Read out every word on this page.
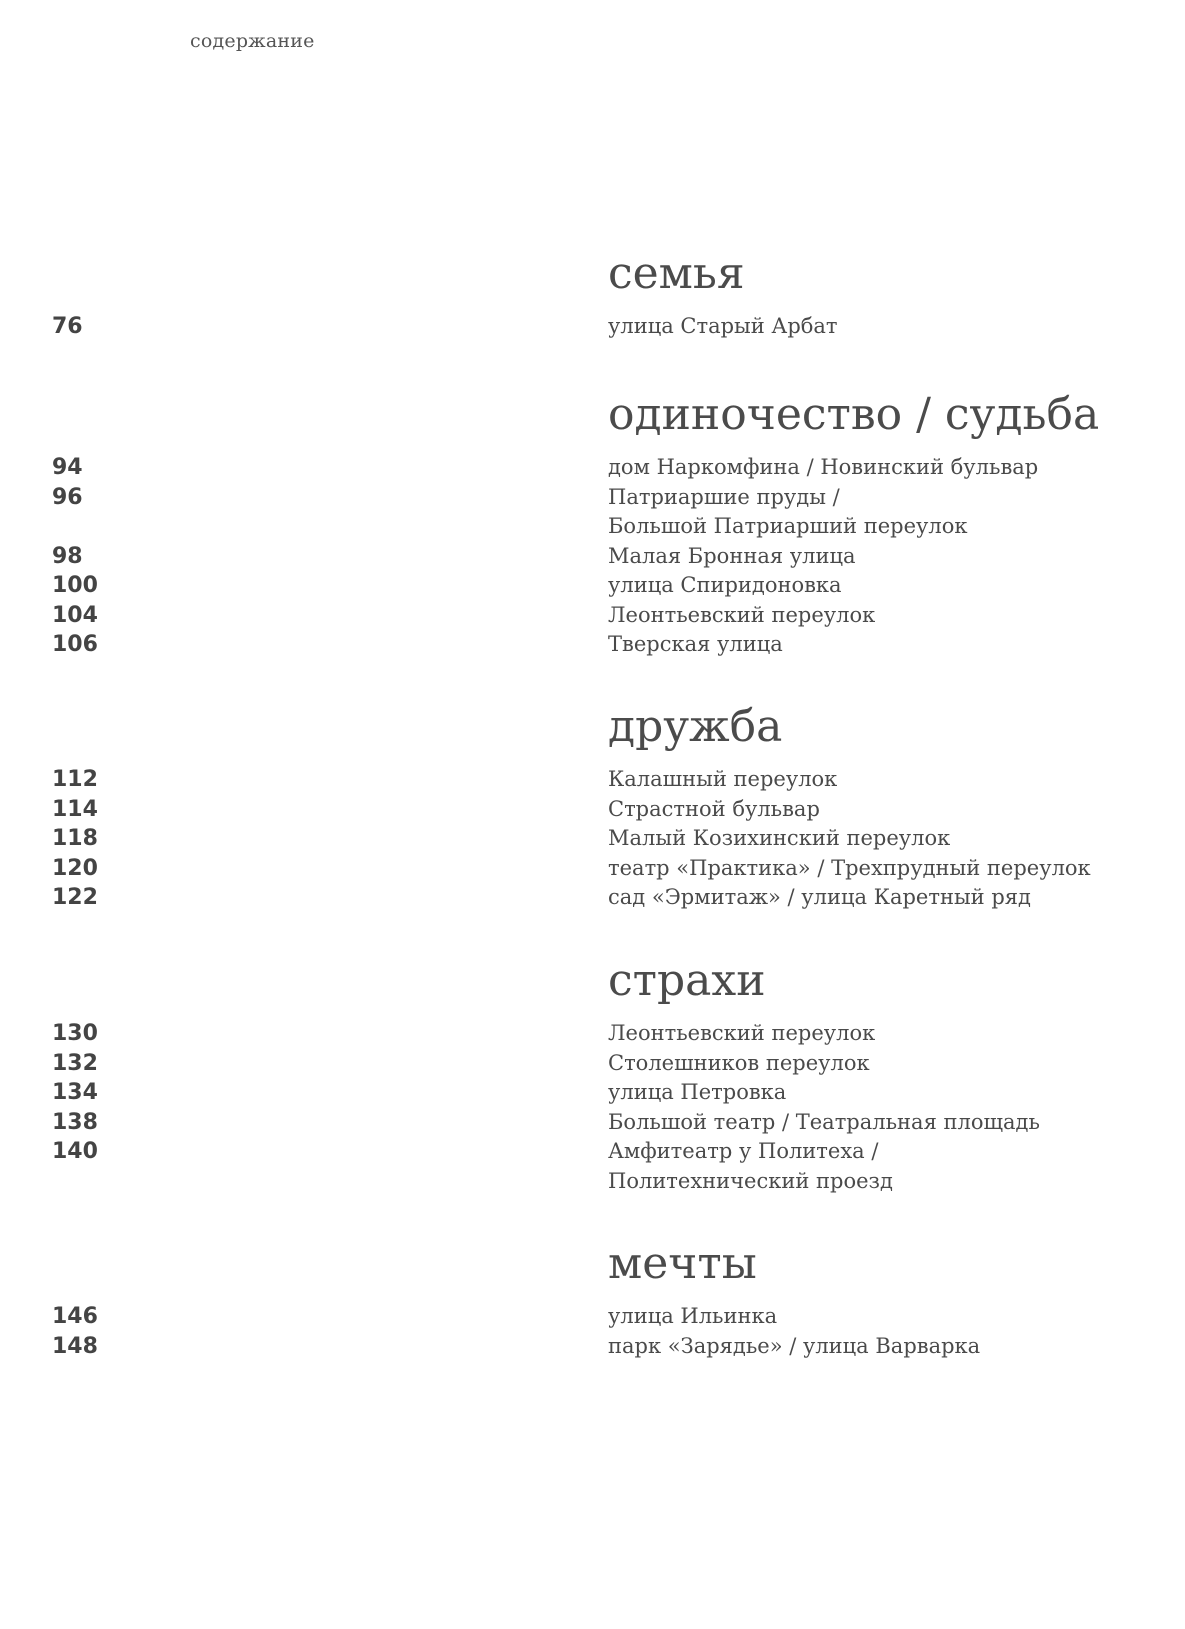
содержание
семья
76	улица Старый Арбат
одиночество / судьба
94	дом Наркомфина / Новинский бульвар
96	Патриаршие пруды /
Большой Патриарший переулок
98	Малая Бронная улица
100	улица Спиридоновка
104	Леонтьевский переулок
106	Тверская улица
дружба
112	Калашный переулок
114	Страстной бульвар
118	Малый Козихинский переулок
120	театр «Практика» / Трехпрудный переулок
122	сад «Эрмитаж» / улица Каретный ряд
страхи
130	Леонтьевский переулок
132	Столешников переулок
134	улица Петровка
138	Большой театр / Театральная площадь
140	Амфитеатр у Политеха /
Политехнический проезд
мечты
146	улица Ильинка
148	парк «Зарядье» / улица Варварка
